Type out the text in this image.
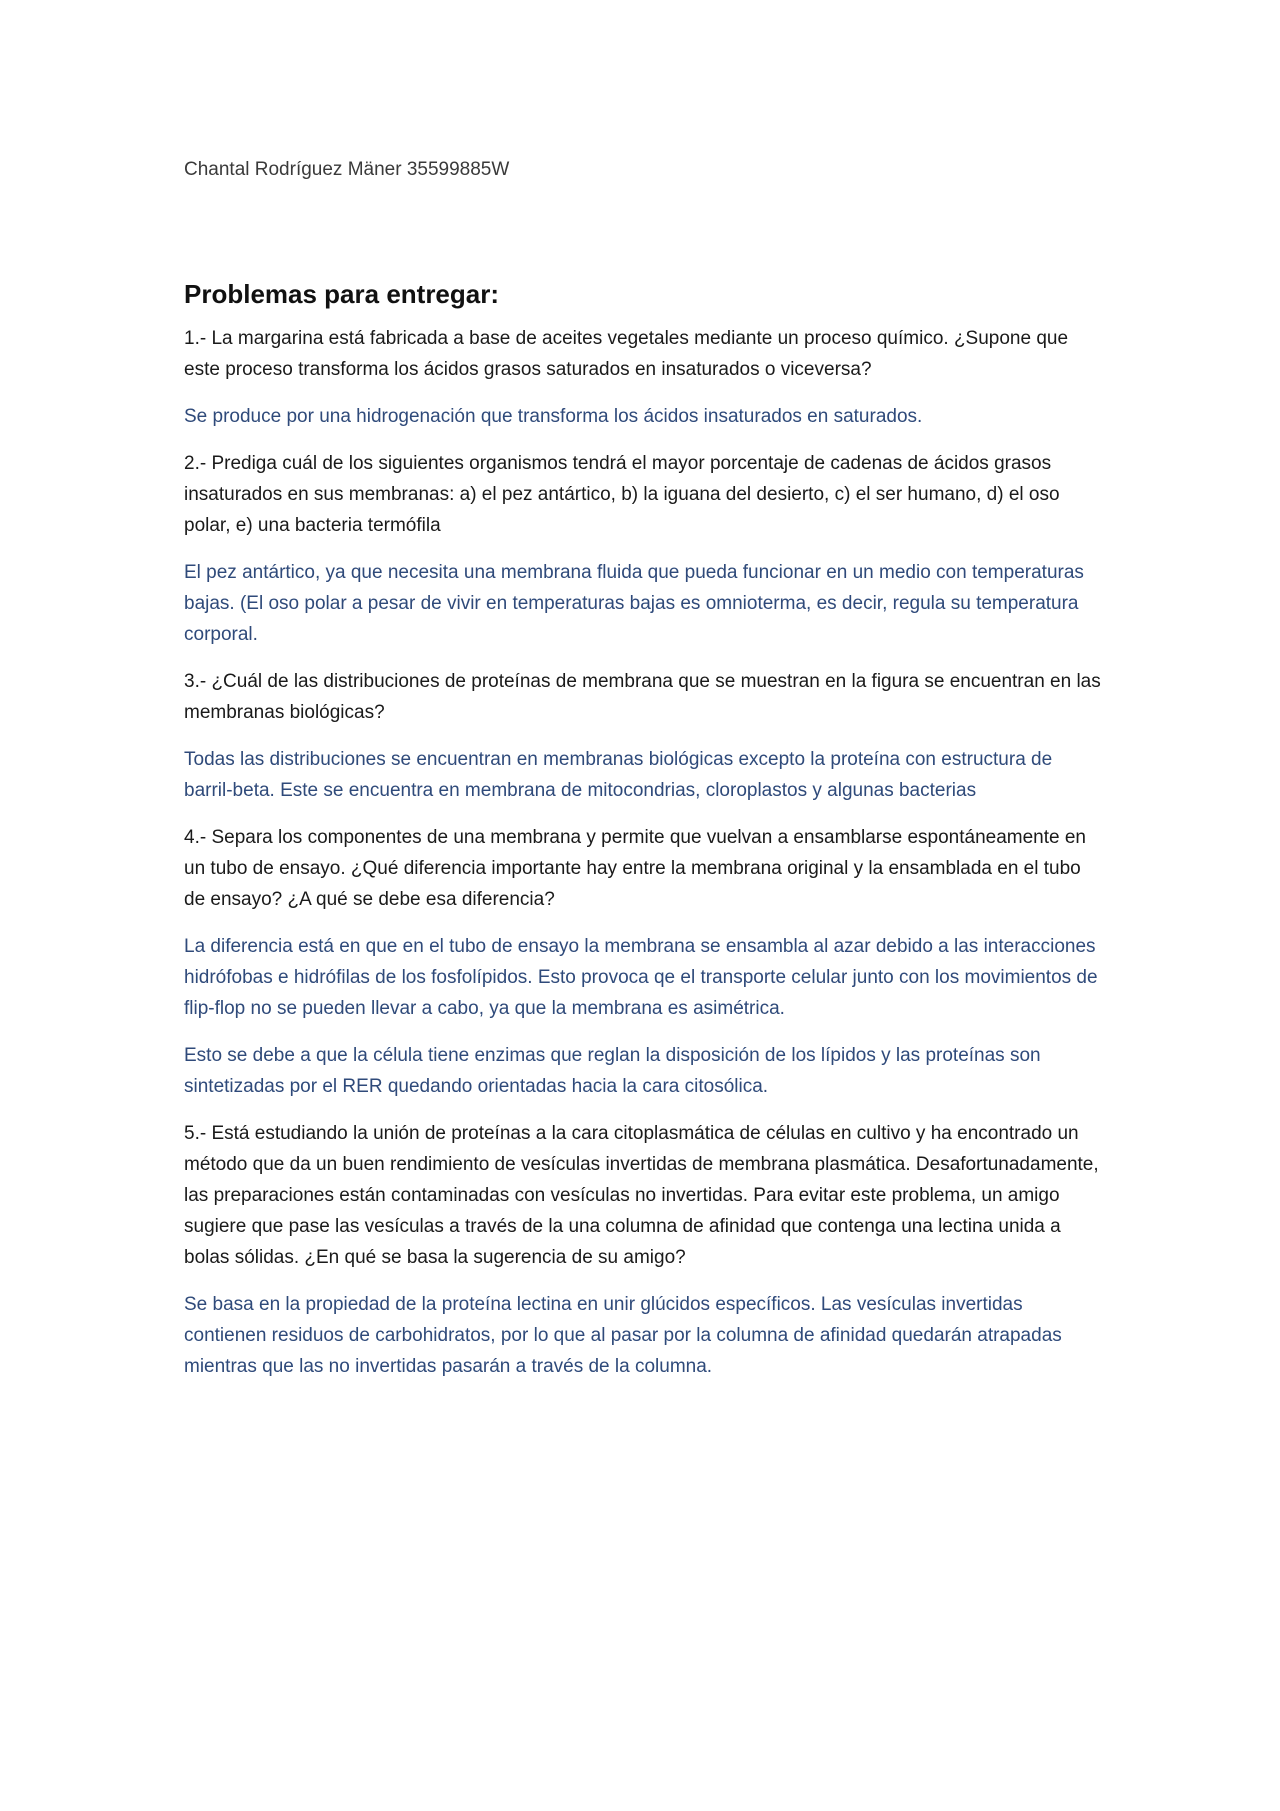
Chantal Rodríguez Mäner 35599885W

Problemas para entregar:

1.- La margarina está fabricada a base de aceites vegetales mediante un proceso químico. ¿Supone que este proceso transforma los ácidos grasos saturados en insaturados o viceversa?

Se produce por una hidrogenación que transforma los ácidos insaturados en saturados.

2.- Prediga cuál de los siguientes organismos tendrá el mayor porcentaje de cadenas de ácidos grasos insaturados en sus membranas: a) el pez antártico, b) la iguana del desierto, c) el ser humano, d) el oso polar, e) una bacteria termófila

El pez antártico, ya que necesita una membrana fluida que pueda funcionar en un medio con temperaturas bajas. (El oso polar a pesar de vivir en temperaturas bajas es omnioterma, es decir, regula su temperatura corporal.

3.- ¿Cuál de las distribuciones de proteínas de membrana que se muestran en la figura se encuentran en las membranas biológicas?

Todas las distribuciones se encuentran en membranas biológicas excepto la proteína con estructura de barril-beta. Este se encuentra en membrana de mitocondrias, cloroplastos y algunas bacterias

4.- Separa los componentes de una membrana y permite que vuelvan a ensamblarse espontáneamente en un tubo de ensayo. ¿Qué diferencia importante hay entre la membrana original y la ensamblada en el tubo de ensayo? ¿A qué se debe esa diferencia?

La diferencia está en que en el tubo de ensayo la membrana se ensambla al azar debido a las interacciones hidrófobas e hidrófilas de los fosfolípidos. Esto provoca qe el transporte celular junto con los movimientos de flip-flop no se pueden llevar a cabo, ya que la membrana es asimétrica.

Esto se debe a que la célula tiene enzimas que reglan la disposición de los lípidos y las proteínas son sintetizadas por el RER quedando orientadas hacia la cara citosólica.

5.- Está estudiando la unión de proteínas a la cara citoplasmática de células en cultivo y ha encontrado un método que da un buen rendimiento de vesículas invertidas de membrana plasmática. Desafortunadamente, las preparaciones están contaminadas con vesículas no invertidas. Para evitar este problema, un amigo sugiere que pase las vesículas a través de la una columna de afinidad que contenga una lectina unida a bolas sólidas. ¿En qué se basa la sugerencia de su amigo?

Se basa en la propiedad de la proteína lectina en unir glúcidos específicos. Las vesículas invertidas contienen residuos de carbohidratos, por lo que al pasar por la columna de afinidad quedarán atrapadas mientras que las no invertidas pasarán a través de la columna.
